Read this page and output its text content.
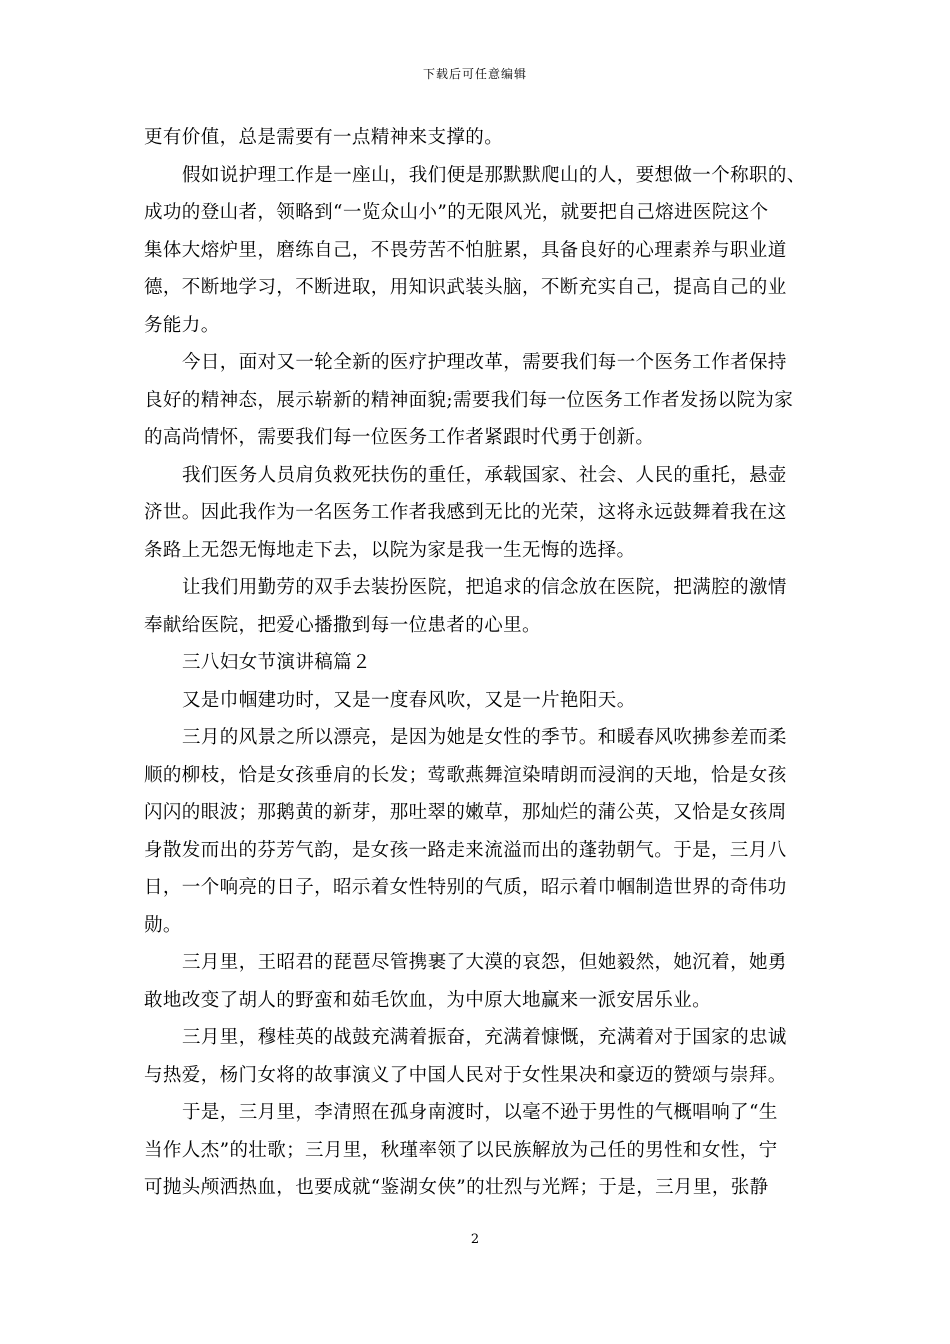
下载后可任意编辑
更有价值，总是需要有一点精神来支撑的。
假如说护理工作是一座山，我们便是那默默爬山的人，要想做一个称职的、
成功的登山者，领略到“一览众山小”的无限风光，就要把自己熔进医院这个
集体大熔炉里，磨练自己，不畏劳苦不怕脏累，具备良好的心理素养与职业道
德，不断地学习，不断进取，用知识武装头脑，不断充实自己，提高自己的业
务能力。
今日，面对又一轮全新的医疗护理改革，需要我们每一个医务工作者保持
良好的精神态，展示崭新的精神面貌;需要我们每一位医务工作者发扬以院为家
的高尚情怀，需要我们每一位医务工作者紧跟时代勇于创新。
我们医务人员肩负救死扶伤的重任，承载国家、社会、人民的重托，悬壶
济世。因此我作为一名医务工作者我感到无比的光荣，这将永远鼓舞着我在这
条路上无怨无悔地走下去，以院为家是我一生无悔的选择。
让我们用勤劳的双手去装扮医院，把追求的信念放在医院，把满腔的激情
奉献给医院，把爱心播撒到每一位患者的心里。
三八妇女节演讲稿篇２
又是巾帼建功时，又是一度春风吹，又是一片艳阳天。
三月的风景之所以漂亮，是因为她是女性的季节。和暖春风吹拂参差而柔
顺的柳枝，恰是女孩垂肩的长发；莺歌燕舞渲染晴朗而浸润的天地，恰是女孩
闪闪的眼波；那鹅黄的新芽，那吐翠的嫩草，那灿烂的蒲公英，又恰是女孩周
身散发而出的芬芳气韵，是女孩一路走来流溢而出的蓬勃朝气。于是，三月八
日，一个响亮的日子，昭示着女性特别的气质，昭示着巾帼制造世界的奇伟功
勋。
三月里，王昭君的琵琶尽管携裹了大漠的哀怨，但她毅然，她沉着，她勇
敢地改变了胡人的野蛮和茹毛饮血，为中原大地赢来一派安居乐业。
三月里，穆桂英的战鼓充满着振奋，充满着慷慨，充满着对于国家的忠诚
与热爱，杨门女将的故事演义了中国人民对于女性果决和豪迈的赞颂与崇拜。
于是，三月里，李清照在孤身南渡时，以毫不逊于男性的气概唱响了“生
当作人杰”的壮歌；三月里，秋瑾率领了以民族解放为己任的男性和女性，宁
可抛头颅洒热血，也要成就“鉴湖女侠”的壮烈与光辉；于是，三月里，张静
2
